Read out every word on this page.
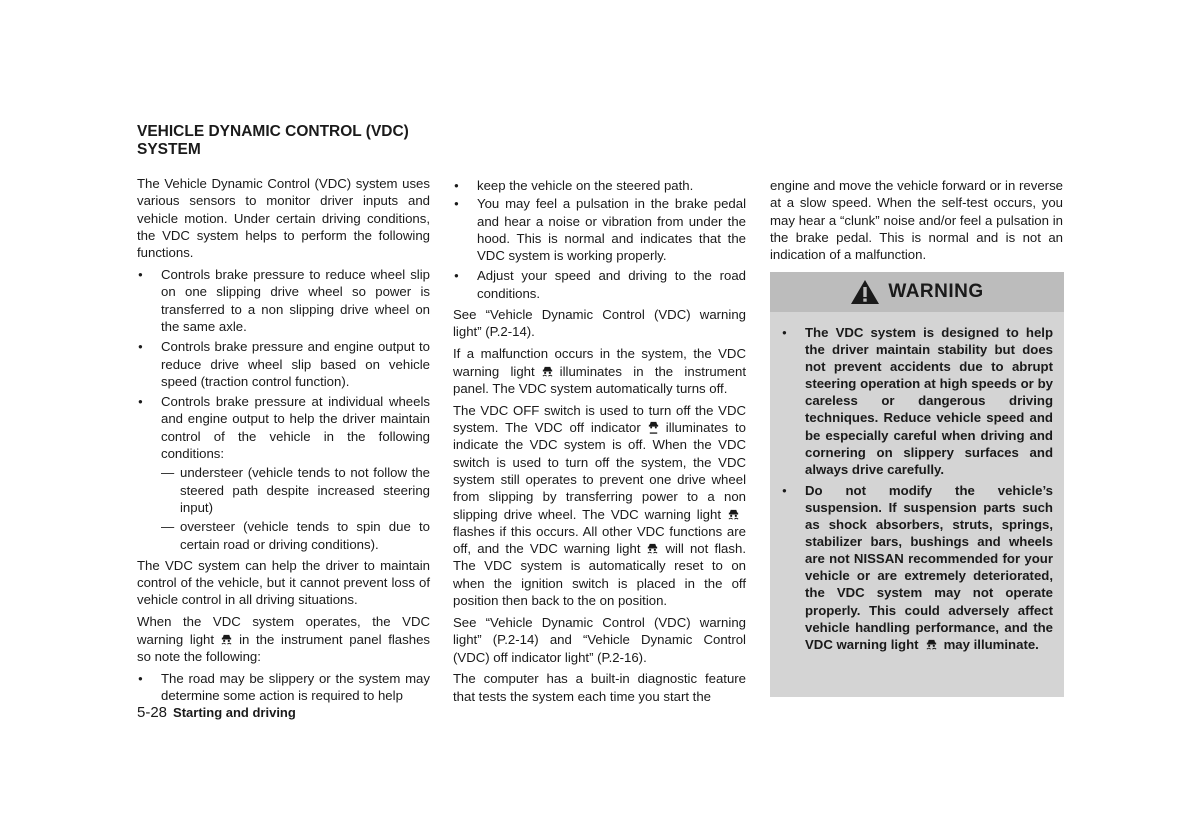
VEHICLE DYNAMIC CONTROL (VDC) SYSTEM

The Vehicle Dynamic Control (VDC) system uses various sensors to monitor driver inputs and vehicle motion. Under certain driving conditions, the VDC system helps to perform the following functions.

● Controls brake pressure to reduce wheel slip on one slipping drive wheel so power is transferred to a non slipping drive wheel on the same axle.
● Controls brake pressure and engine output to reduce drive wheel slip based on vehicle speed (traction control function).
● Controls brake pressure at individual wheels and engine output to help the driver maintain control of the vehicle in the following conditions:
— understeer (vehicle tends to not follow the steered path despite increased steering input)
— oversteer (vehicle tends to spin due to certain road or driving conditions).

The VDC system can help the driver to maintain control of the vehicle, but it cannot prevent loss of vehicle control in all driving situations.

When the VDC system operates, the VDC warning light in the instrument panel flashes so note the following:

● The road may be slippery or the system may determine some action is required to help
● keep the vehicle on the steered path.
● You may feel a pulsation in the brake pedal and hear a noise or vibration from under the hood. This is normal and indicates that the VDC system is working properly.
● Adjust your speed and driving to the road conditions.

See “Vehicle Dynamic Control (VDC) warning light” (P.2-14).

If a malfunction occurs in the system, the VDC warning light illuminates in the instrument panel. The VDC system automatically turns off.

The VDC OFF switch is used to turn off the VDC system. The VDC off indicator illuminates to indicate the VDC system is off. When the VDC switch is used to turn off the system, the VDC system still operates to prevent one drive wheel from slipping by transferring power to a non slipping drive wheel. The VDC warning lightflashes if this occurs. All other VDC functions are off, and the VDC warning light will not flash. The VDC system is automatically reset to on when the ignition switch is placed in the off position then back to the on position.

See “Vehicle Dynamic Control (VDC) warning light” (P.2-14) and “Vehicle Dynamic Control (VDC) off indicator light” (P.2-16).

The computer has a built-in diagnostic feature that tests the system each time you start the

engine and move the vehicle forward or in reverse at a slow speed. When the self-test occurs, you may hear a “clunk” noise and/or feel a pulsation in the brake pedal. This is normal and is not an indication of a malfunction.

WARNING
● The VDC system is designed to help the driver maintain stability but does not prevent accidents due to abrupt steering operation at high speeds or by careless or dangerous driving techniques. Reduce vehicle speed and be especially careful when driving and cornering on slippery surfaces and always drive carefully.
● Do not modify the vehicle’s suspension. If suspension parts such as shock absorbers, struts, springs, stabilizer bars, bushings and wheels are not NISSAN recommended for your vehicle or are extremely deteriorated, the VDC system may not operate properly. This could adversely affect vehicle handling performance, and the VDC warning light may illuminate.
5-28 Starting and driving
